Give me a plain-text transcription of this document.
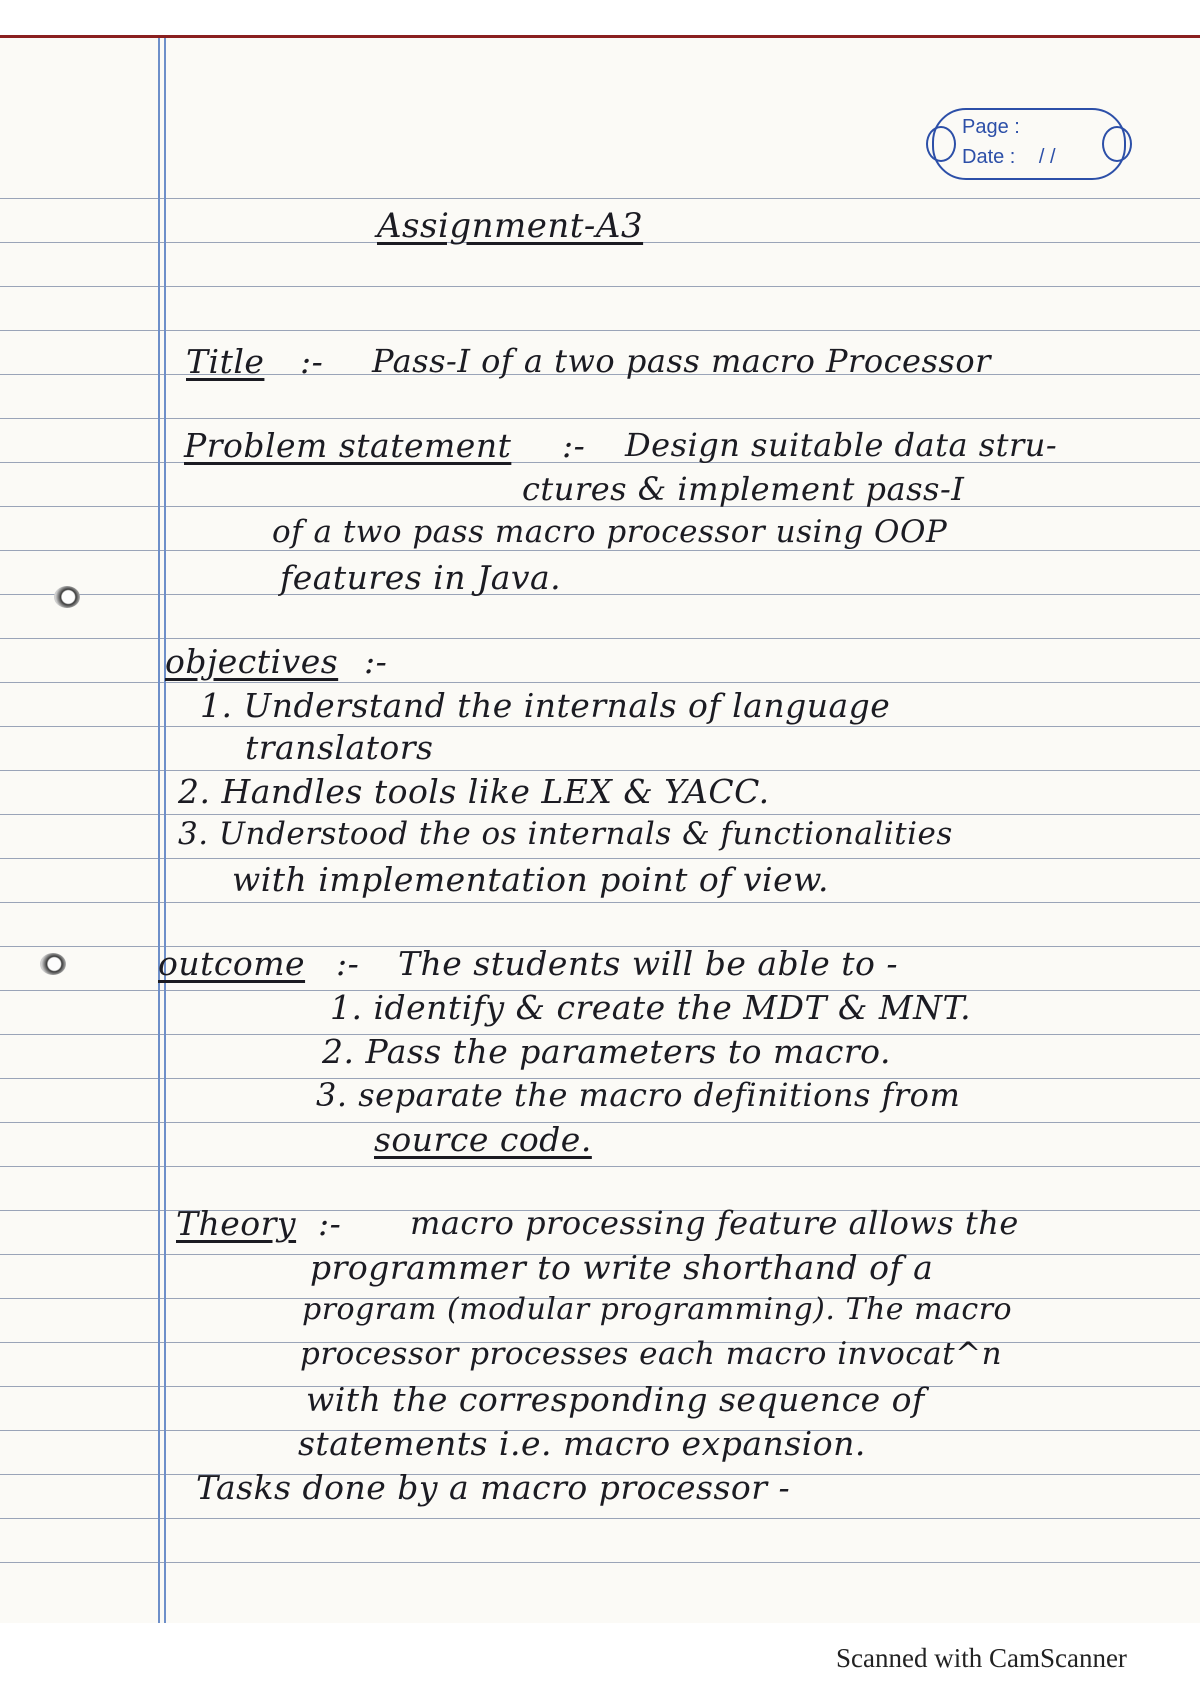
Page :
Date : / /
Assignment-A3
Title :- Pass-I of a two pass macro Processor
Problem statement :- Design suitable data stru-
ctures & implement pass-I
of a two pass macro processor using OOP
features in Java.
objectives :-
1. Understand the internals of language
translators
2. Handles tools like LEX & YACC.
3. Understood the os internals & functionalities
with implementation point of view.
outcome :- The students will be able to -
1. identify & create the MDT & MNT.
2. Pass the parameters to macro.
3. separate the macro definitions from
source code.
Theory :- macro processing feature allows the
programmer to write shorthand of a
program (modular programming). The macro
processor processes each macro invocat^n
with the corresponding sequence of
statements i.e. macro expansion.
Tasks done by a macro processor -
Scanned with CamScanner
